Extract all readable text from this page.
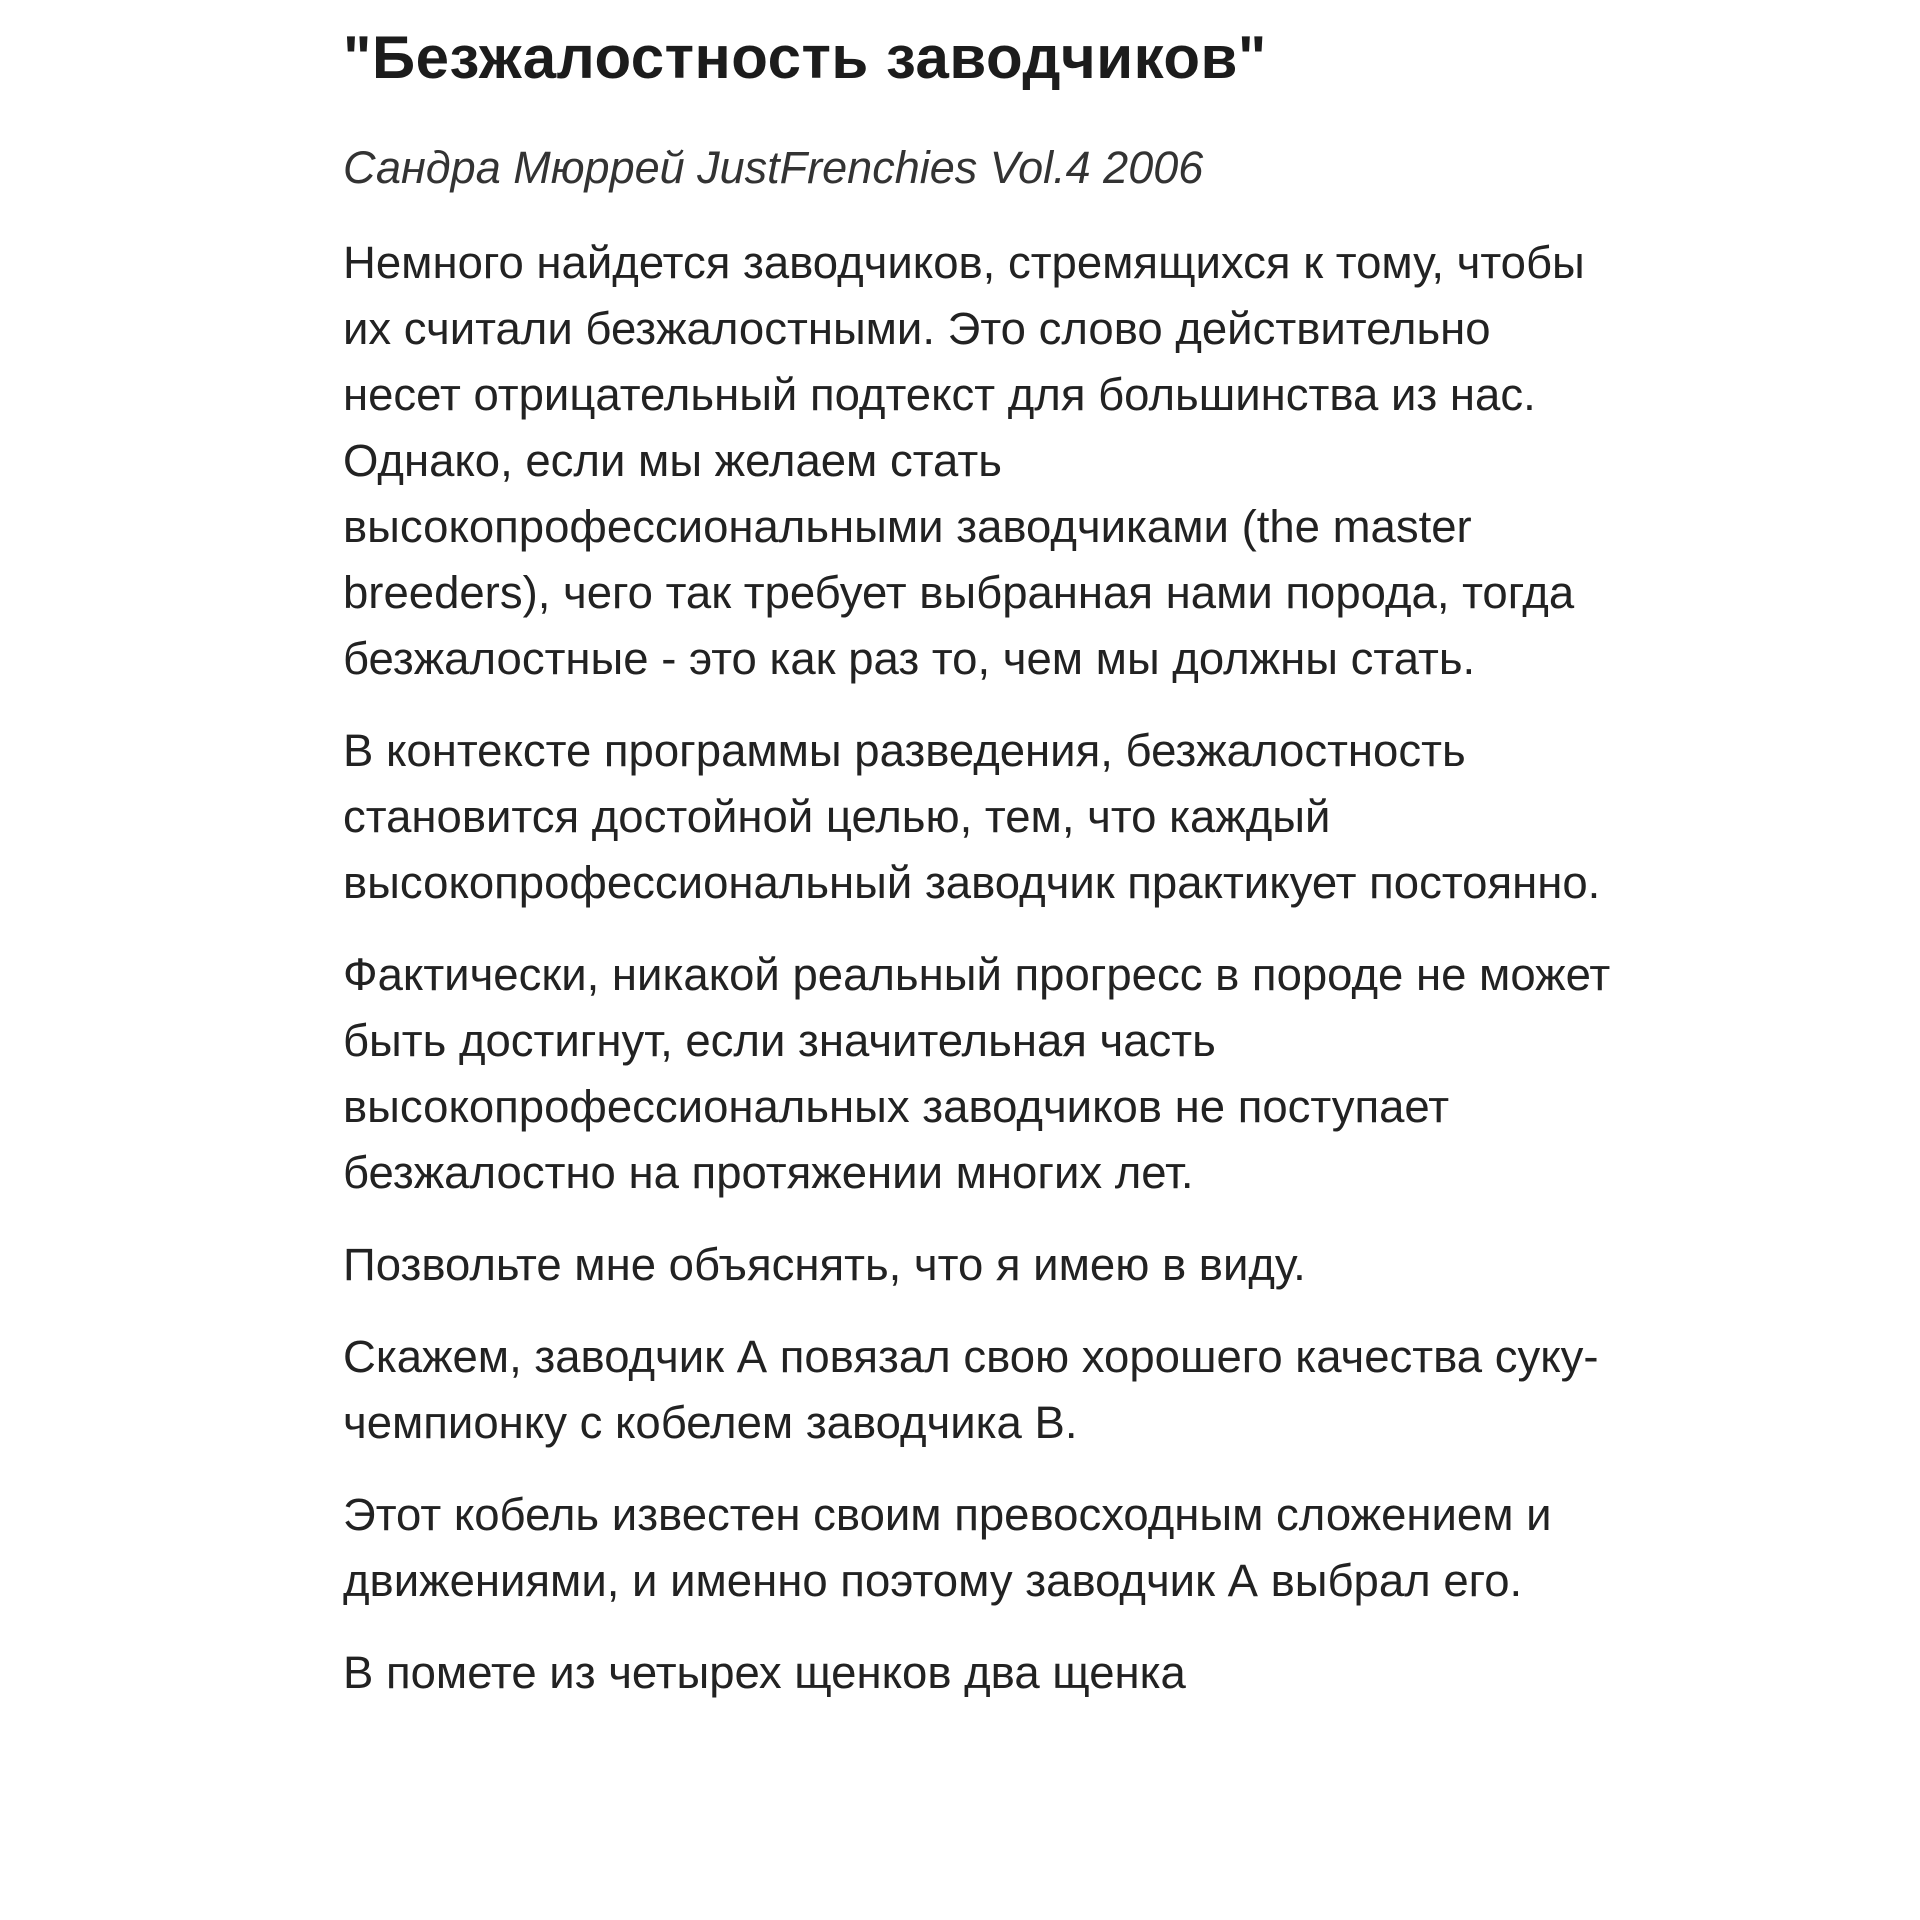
"Безжалостность заводчиков"

Сандра Мюррей JustFrenchies Vol.4 2006

Немного найдется заводчиков, стремящихся к тому, чтобы их считали безжалостными. Это слово действительно несет отрицательный подтекст для большинства из нас. Однако, если мы желаем стать высокопрофессиональными заводчиками (the master breeders), чего так требует выбранная нами порода, тогда безжалостные - это как раз то, чем мы должны стать.

В контексте программы разведения, безжалостность становится достойной целью, тем, что каждый высокопрофессиональный заводчик практикует постоянно.

Фактически, никакой реальный прогресс в породе не может быть достигнут, если значительная часть высокопрофессиональных заводчиков не поступает безжалостно на протяжении многих лет.

Позвольте мне объяснять, что я имею в виду.

Скажем, заводчик А повязал свою хорошего качества суку-чемпионку с кобелем заводчика В.

Этот кобель известен своим превосходным сложением и движениями, и именно поэтому заводчик А выбрал его.

В помете из четырех щенков два щенка
